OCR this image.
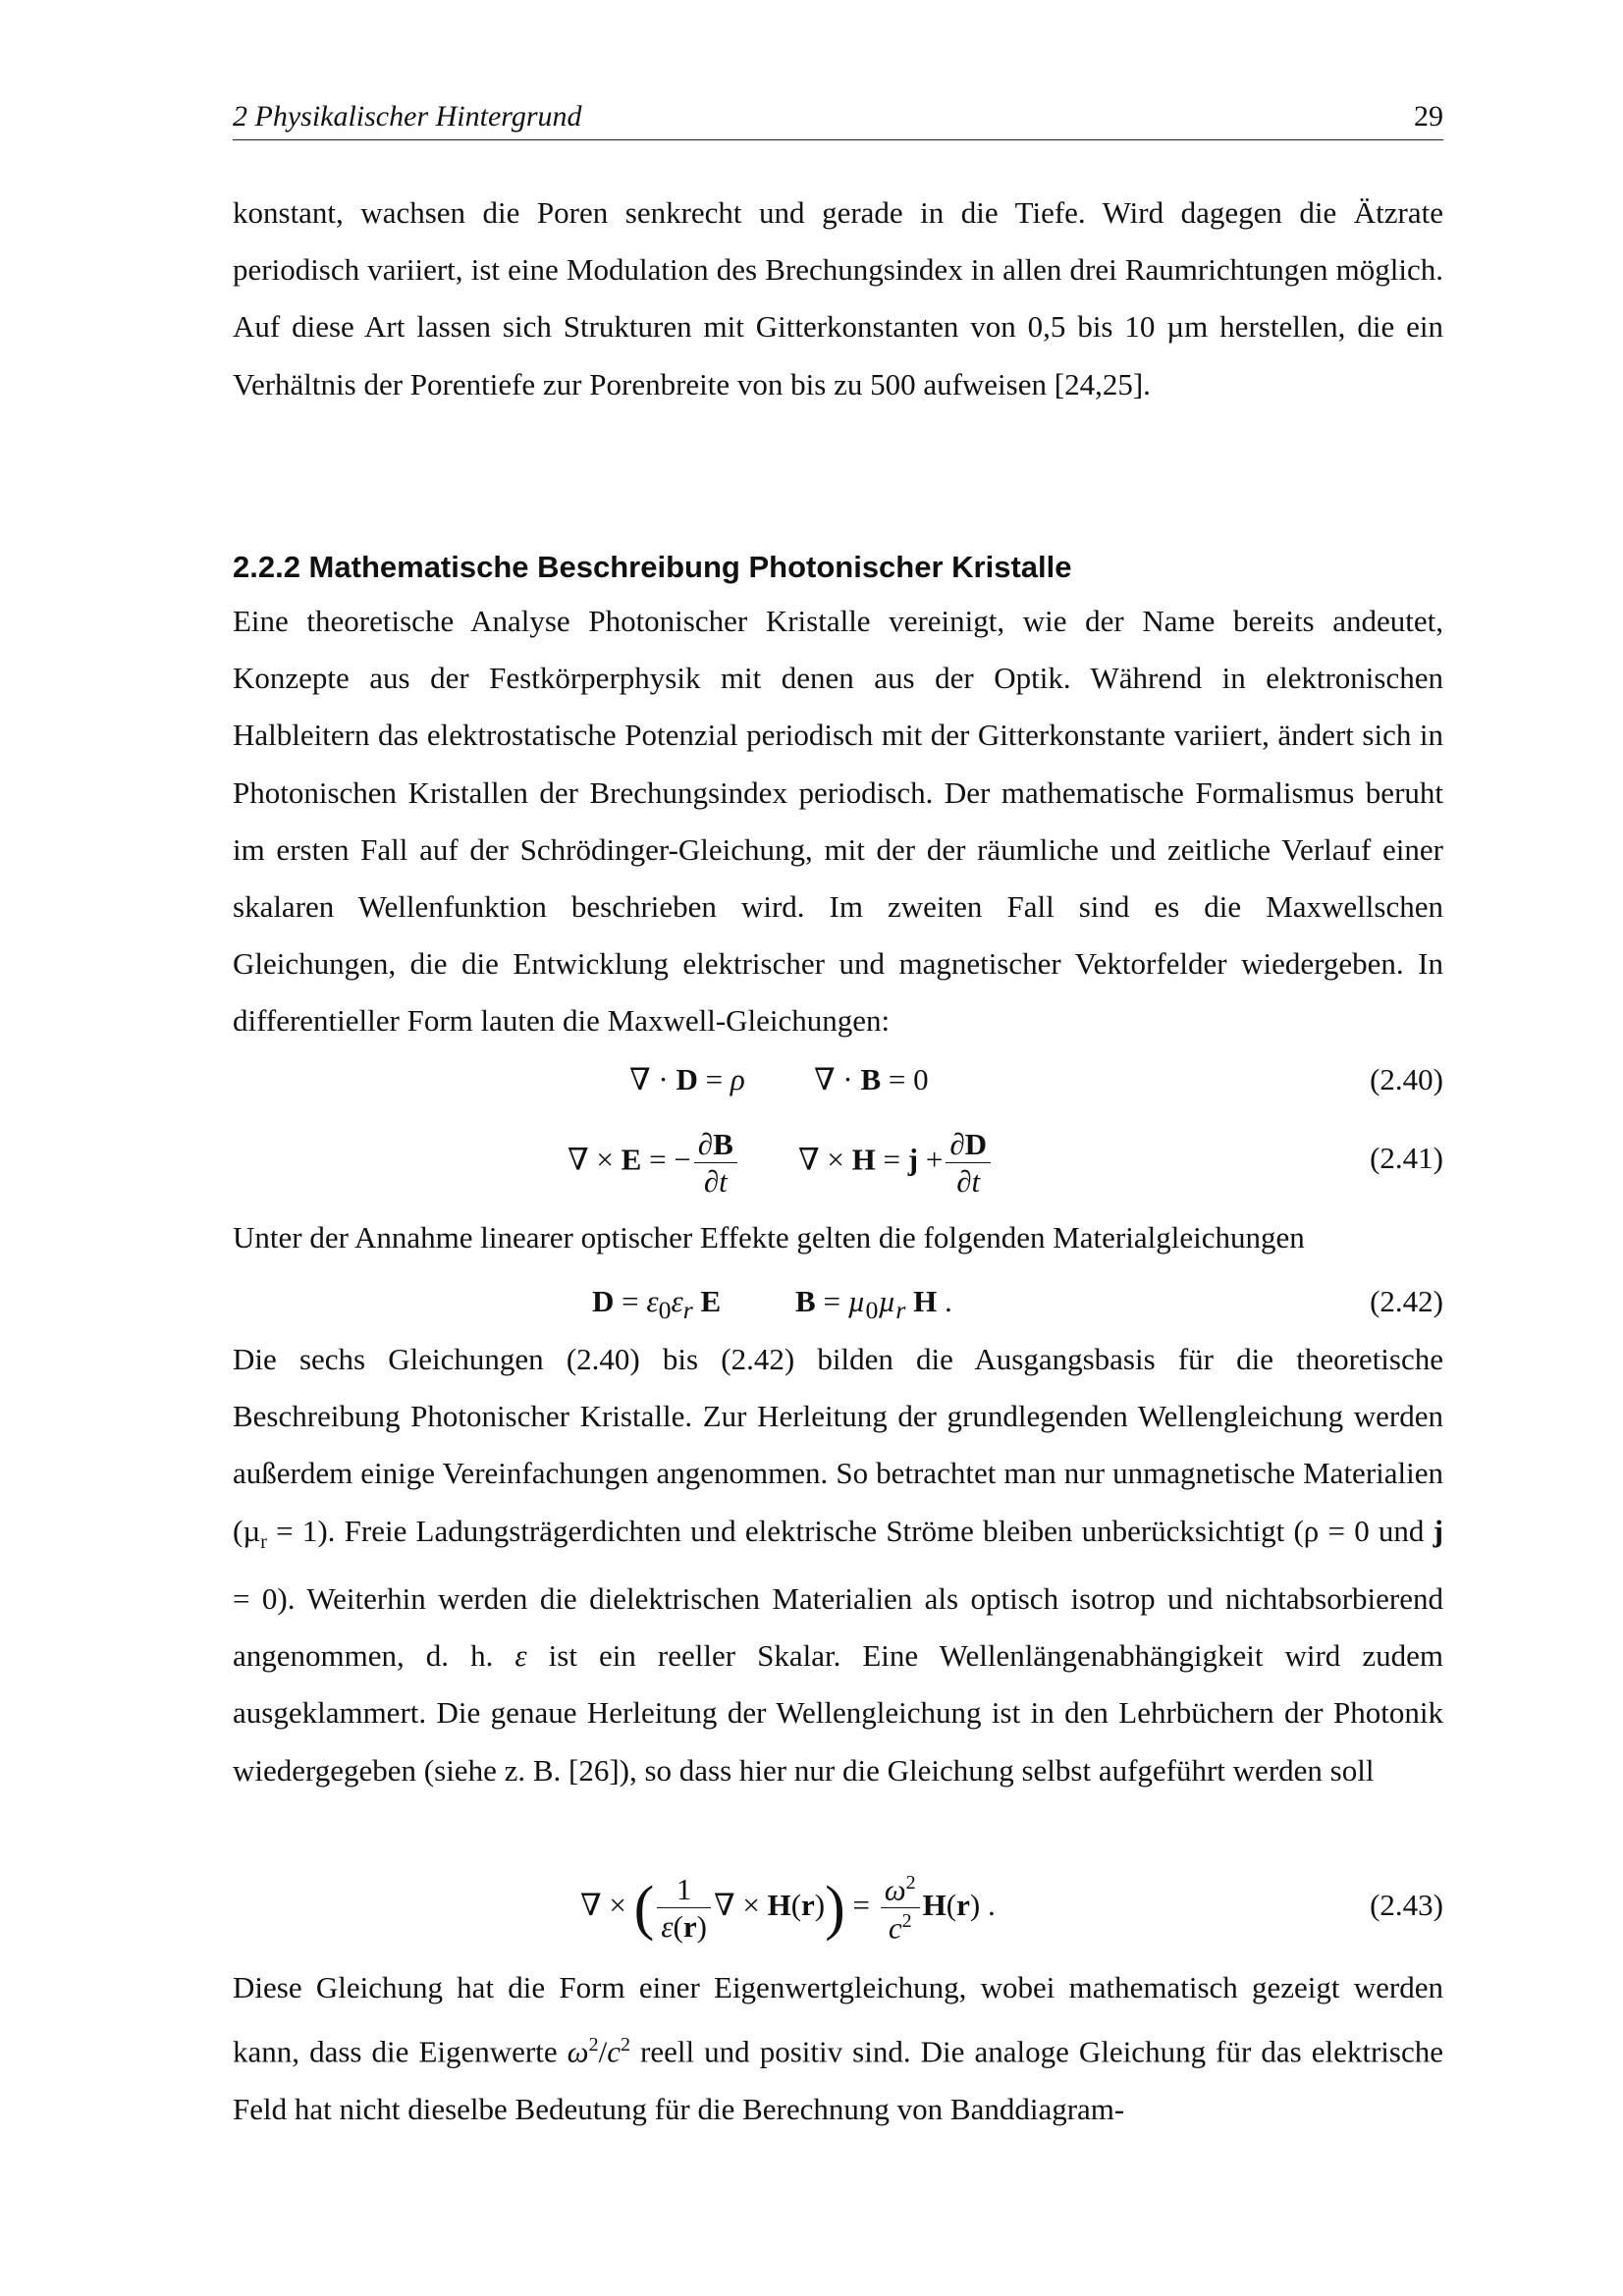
2 Physikalischer Hintergrund	29
konstant, wachsen die Poren senkrecht und gerade in die Tiefe. Wird dagegen die Ätzrate periodisch variiert, ist eine Modulation des Brechungsindex in allen drei Raumrichtungen möglich. Auf diese Art lassen sich Strukturen mit Gitterkonstanten von 0,5 bis 10 µm herstellen, die ein Verhältnis der Porentiefe zur Porenbreite von bis zu 500 aufweisen [24,25].
2.2.2 Mathematische Beschreibung Photonischer Kristalle
Eine theoretische Analyse Photonischer Kristalle vereinigt, wie der Name bereits andeutet, Konzepte aus der Festkörperphysik mit denen aus der Optik. Während in elektronischen Halbleitern das elektrostatische Potenzial periodisch mit der Gitterkonstante variiert, ändert sich in Photonischen Kristallen der Brechungsindex periodisch. Der mathematische Formalismus beruht im ersten Fall auf der Schrödinger-Gleichung, mit der der räumliche und zeitliche Verlauf einer skalaren Wellenfunktion beschrieben wird. Im zweiten Fall sind es die Maxwellschen Gleichungen, die die Entwicklung elektrischer und magnetischer Vektorfelder wiedergeben. In differentieller Form lauten die Maxwell-Gleichungen:
∇ · D = ρ ∇ · B = 0	(2.40)
∇ × E = − $\frac{\partial B}{\partial t}$ ∇ × $H = j + \frac{\partial D}{\partial t}$	(2.41)
Unter der Annahme linearer optischer Effekte gelten die folgenden Materialgleichungen
$D = \varepsilon_0\varepsilon_r$ E B = µ$_0$µ$_r$ H .	(2.42)
Die sechs Gleichungen (2.40) bis (2.42) bilden die Ausgangsbasis für die theoretische Beschreibung Photonischer Kristalle. Zur Herleitung der grundlegenden Wellengleichung werden außerdem einige Vereinfachungen angenommen. So betrachtet man nur unmagnetische Materialien (µ$_r$ = 1). Freie Ladungsträgerdichten und elektrische Ströme bleiben unberücksichtigt (ρ = 0 und j = 0). Weiterhin werden die dielektrischen Materialien als optisch isotrop und nichtabsorbierend angenommen, d. h. ε ist ein reeller Skalar. Eine Wellenlängenabhängigkeit wird zudem ausgeklammert. Die genaue Herleitung der Wellengleichung ist in den Lehrbüchern der Photonik wiedergegeben (siehe z. B. [26]), so dass hier nur die Gleichung selbst aufgeführt werden soll
∇ × ( $\frac{1}{\varepsilon(r)}$ ∇ × $H(r)) = \frac{\omega^2}{c^2} H(r)$ .	(2.43)
Diese Gleichung hat die Form einer Eigenwertgleichung, wobei mathematisch gezeigt werden kann, dass die Eigenwerte $\omega^2/c^2$ reell und positiv sind. Die analoge Gleichung für das elektrische Feld hat nicht dieselbe Bedeutung für die Berechnung von Banddiagram-
